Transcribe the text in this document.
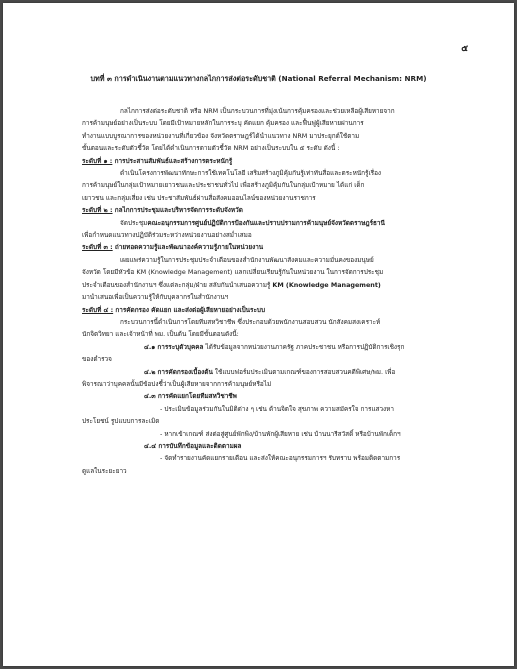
๕
บทที่ ๓ การดำเนินงานตามแนวทางกลไกการส่งต่อระดับชาติ (National Referral Mechanism: NRM)

กลไกการส่งต่อระดับชาติ หรือ NRM เป็นกระบวนการที่มุ่งเน้นการคุ้มครองและช่วยเหลือผู้เสียหายจาก

การค้ามนุษย์อย่างเป็นระบบ โดยมีเป้าหมายหลักในการระบุ คัดแยก คุ้มครอง และฟื้นฟูผู้เสียหายผ่านการ

ทำงานแบบบูรณาการของหน่วยงานที่เกี่ยวข้อง จังหวัดตราษฎร์ได้นำแนวทาง NRM มาประยุกต์ใช้ตาม

ขั้นตอนและระดับตัวชี้วัด โดยได้ดำเนินการตามตัวชี้วัด NRM อย่างเป็นระบบใน ๕ ระดับ ดังนี้ :

ระดับที่ ๑ : การประสานสัมพันธ์และสร้างการตระหนักรู้

ดำเนินโครงการพัฒนาทักษะการใช้เทคโนโลยี เสริมสร้างภูมิคุ้มกันรู้เท่าทันสื่อและตระหนักรู้เรื่อง

การค้ามนุษย์ในกลุ่มเป้าหมายเยาวชนและประชาชนทั่วไป เพื่อสร้างภูมิคุ้มกันในกลุ่มเป้าหมาย ได้แก่ เด็ก

เยาวชน และกลุ่มเสี่ยง เช่น ประชาสัมพันธ์ผ่านสื่อสังคมออนไลน์ของหน่วยงานราชการ

ระดับที่ ๒ : กลไกการประชุมและบริหารจัดการระดับจังหวัด

จัดประชุมคณะอนุกรรมการศูนย์ปฏิบัติการป้องกันและปราบปรามการค้ามนุษย์จังหวัดตราษฎร์ธานี

เพื่อกำหนดแนวทางปฏิบัติร่วมระหว่างหน่วยงานอย่างสม่ำเสมอ

ระดับที่ ๓ : ถ่ายทอดความรู้และพัฒนาองค์ความรู้ภายในหน่วยงาน

เผยแพร่ความรู้ในการประชุมประจำเดือนของสำนักงานพัฒนาสังคมและความมั่นคงของมนุษย์

จังหวัด โดยมีหัวข้อ KM (Knowledge Management) แลกเปลี่ยนเรียนรู้กันในหน่วยงาน ในการจัดการประชุม

ประจำเดือนของสำนักงานฯ ซึ่งแต่ละกลุ่ม/ฝ่าย สลับกันนำเสนอความรู้ KM (Knowledge Management)

มานำเสนอเพื่อเป็นความรู้ให้กับบุคลากรในสำนักงานฯ

ระดับที่ ๔ : การคัดกรอง คัดแยก และส่งต่อผู้เสียหายอย่างเป็นระบบ

กระบวนการนี้ดำเนินการโดยทีมสหวิชาชีพ ซึ่งประกอบด้วยพนักงานสอบสวน นักสังคมสงเคราะห์

นักจิตวิทยา และเจ้าหน้าที่ พม. เป็นต้น โดยมีขั้นตอนดังนี้:

๔.๑ การระบุตัวบุคคล ได้รับข้อมูลจากหน่วยงานภาครัฐ ภาคประชาชน หรือการปฏิบัติการเชิงรุก

ของตำรวจ

๔.๒ การคัดกรองเบื้องต้น ใช้แบบฟอร์มประเมินตามเกณฑ์ของการสอบสวนคดีพิเศษ/พม. เพื่อ

พิจารณาว่าบุคคลนั้นมีข้อบ่งชี้ว่าเป็นผู้เสียหายจากการค้ามนุษย์หรือไม่

๔.๓ การคัดแยกโดยทีมสหวิชาชีพ

- ประเมินข้อมูลร่วมกันในมิติต่าง ๆ เช่น ด้านจิตใจ สุขภาพ ความสมัครใจ การแสวงหา

ประโยชน์ รูปแบบการละเมิด

- หากเข้าเกณฑ์ ส่งต่อสู่ศูนย์พักพิง/บ้านพักผู้เสียหาย เช่น บ้านนารีสวัสดิ์ หรือบ้านพักเด็กฯ

๔.๔ การบันทึกข้อมูลและติดตามผล

- จัดทำรายงานคัดแยกรายเดือน และส่งให้คณะอนุกรรมการฯ รับทราบ พร้อมติดตามการ

ดูแลในระยะยาว
